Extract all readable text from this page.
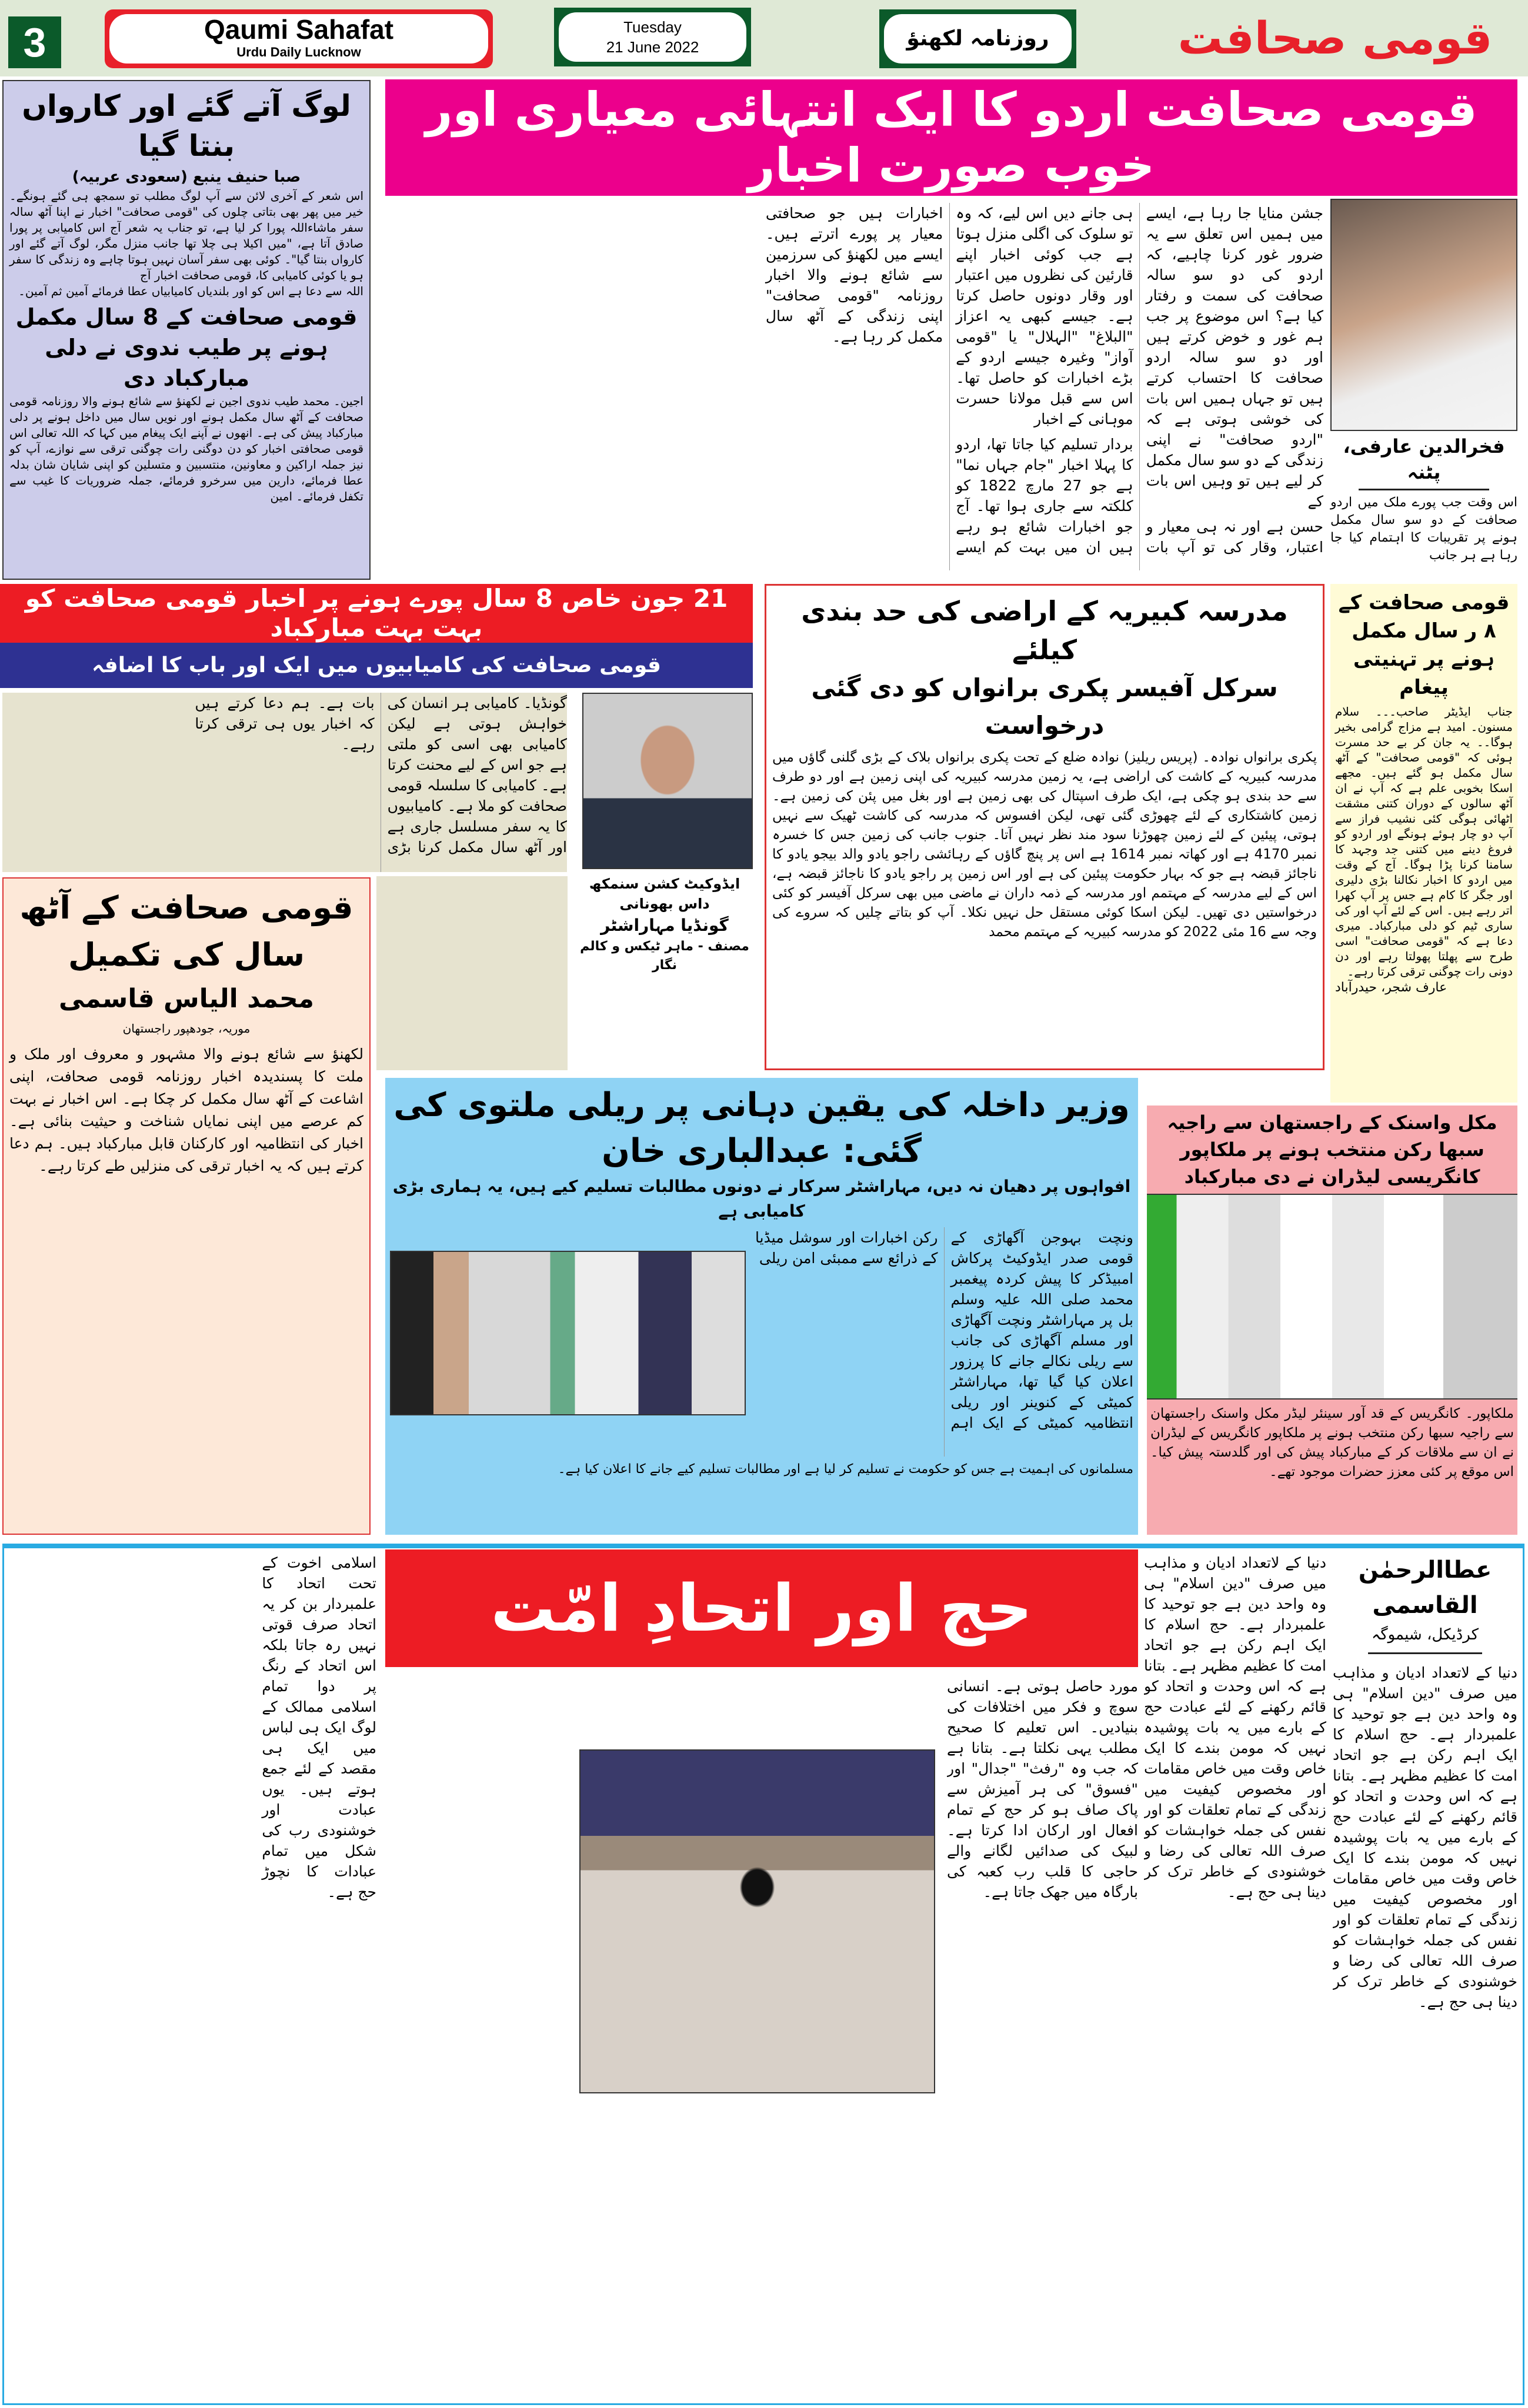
3	Qaumi Sahafat
Urdu Daily Lucknow
Tuesday
21 June 2022	روزنامہ لکھنؤ	قومی صحافت
لوگ آتے گئے اور کارواں بنتا گیا
صبا حنیف ینبع (سعودی عربیہ)

اس شعر کے آخری لائن سے آپ لوگ مطلب تو سمجھ ہی گئے ہونگے۔ خیر میں پھر بھی بتاتی چلوں کی "قومی صحافت" اخبار نے اپنا آٹھ سالہ سفر ماشاءاللہ پورا کر لیا ہے، تو جناب یہ شعر آج اس کامیابی پر پورا صادق آتا ہے، "میں اکیلا ہی چلا تھا جانب منزل مگر، لوگ آتے گئے اور کارواں بنتا گیا"۔ کوئی بھی سفر آسان نہیں ہوتا چاہے وہ زندگی کا سفر ہو یا کوئی کامیابی کا، قومی صحافت اخبار آج

اللہ سے دعا ہے اس کو اور بلندیاں کامیابیاں عطا فرمائے آمین ثم آمین۔

قومی صحافت کے 8 سال مکمل ہونے پر طیب ندوی نے دلی مبارکباد دی

اجین۔ محمد طیب ندوی اجین نے لکھنؤ سے شائع ہونے والا روزنامہ قومی صحافت کے آٹھ سال مکمل ہونے اور نویں سال میں داخل ہونے پر دلی مبارکباد پیش کی ہے۔ انھوں نے آپنے ایک پیغام میں کہا کہ اللہ تعالی اس قومی صحافتی اخبار کو دن دوگنی رات چوگنی ترقی سے نوازے، آپ کو نیز جملہ اراکین و معاونین، منتسبین و متسلین کو اپنی شایان شان بدلہ عطا فرمائے، دارین میں سرخرو فرمائے، جملہ ضروریات کا غیب سے تکفل فرمائے۔ امین

قومی صحافت اردو کا ایک انتہائی معیاری اور خوب صورت اخبار

جشن منایا جا رہا ہے، ایسے میں ہمیں اس تعلق سے یہ ضرور غور کرنا چاہیے، کہ اردو کی دو سو سالہ صحافت کی سمت و رفتار کیا ہے؟ اس موضوع پر جب ہم غور و خوض کرتے ہیں اور دو سو سالہ اردو صحافت کا احتساب کرتے ہیں تو جہاں ہمیں اس بات کی خوشی ہوتی ہے کہ "اردو صحافت" نے اپنی زندگی کے دو سو سال مکمل کر لیے ہیں تو وہیں اس بات کے

حسن ہے اور نہ ہی معیار و اعتبار، وقار کی تو آپ بات ہی جانے دیں اس لیے، کہ وہ تو سلوک کی اگلی منزل ہوتا ہے جب کوئی اخبار اپنے قارئین کی نظروں میں اعتبار اور وقار دونوں حاصل کرتا ہے۔ جیسے کبھی یہ اعزاز "البلاغ" "الہلال" یا "قومی آواز" وغیرہ جیسے اردو کے بڑے اخبارات کو حاصل تھا۔ اس سے قبل مولانا حسرت موہانی کے اخبار

بردار تسلیم کیا جاتا تھا، اردو کا پہلا اخبار "جام جہاں نما" ہے جو 27 مارچ 1822 کو کلکتہ سے جاری ہوا تھا۔ آج جو اخبارات شائع ہو رہے ہیں ان میں بہت کم ایسے اخبارات ہیں جو صحافتی معیار پر پورے اترتے ہیں۔ ایسے میں لکھنؤ کی سرزمین سے شائع ہونے والا اخبار روزنامہ "قومی صحافت" اپنی زندگی کے آٹھ سال مکمل کر رہا ہے۔

فخرالدین عارفی، پٹنہ
اس وقت جب پورے ملک میں اردو صحافت کے دو سو سال مکمل ہونے پر تقریبات کا اہتمام کیا جا رہا ہے ہر جانب
21 جون خاص 8 سال پورے ہونے پر اخبار قومی صحافت کو بہت بہت مبارکباد
قومی صحافت کی کامیابیوں میں ایک اور باب کا اضافہ

گونڈیا۔ کامیابی ہر انسان کی خواہش ہوتی ہے لیکن کامیابی بھی اسی کو ملتی ہے جو اس کے لیے محنت کرتا ہے۔ کامیابی کا سلسلہ قومی صحافت کو ملا ہے۔ کامیابیوں کا یہ سفر مسلسل جاری ہے اور آٹھ سال مکمل کرنا بڑی بات ہے۔ ہم دعا کرتے ہیں کہ اخبار یوں ہی ترقی کرتا رہے۔

ایڈوکیٹ کشن سنمکھ داس بھونانی
گونڈیا مہاراشٹر
مصنف - ماہر ٹیکس و کالم نگار
قومی صحافت کے آٹھ سال کی تکمیل
محمد الیاس قاسمی
موریہ، جودھپور راجستھان

لکھنؤ سے شائع ہونے والا مشہور و معروف اور ملک و ملت کا پسندیدہ اخبار روزنامہ قومی صحافت، اپنی اشاعت کے آٹھ سال مکمل کر چکا ہے۔ اس اخبار نے بہت کم عرصے میں اپنی نمایاں شناخت و حیثیت بنائی ہے۔ اخبار کی انتظامیہ اور کارکنان قابل مبارکباد ہیں۔ ہم دعا کرتے ہیں کہ یہ اخبار ترقی کی منزلیں طے کرتا رہے۔

مدرسہ کبیریہ کے اراضی کی حد بندی کیلئے
سرکل آفیسر پکری برانواں کو دی گئی درخواست

پکری برانواں نوادہ۔ (پریس ریلیز) نوادہ ضلع کے تحت پکری برانواں بلاک کے بڑی گلنی گاؤں میں مدرسہ کبیریہ کے کاشت کی اراضی ہے، یہ زمین مدرسہ کبیریہ کی اپنی زمین ہے اور دو طرف سے حد بندی ہو چکی ہے، ایک طرف اسپتال کی بھی زمین ہے اور بغل میں پئن کی زمین ہے۔ زمین کاشتکاری کے لئے چھوڑی گئی تھی، لیکن افسوس کہ مدرسہ کی کاشت ٹھیک سے نہیں ہوتی، پیئین کے لئے زمین چھوڑنا سود مند نظر نہیں آتا۔ جنوب جانب کی زمین جس کا خسرہ نمبر 4170 ہے اور کھاتہ نمبر 1614 ہے اس پر پنچ گاؤں کے رہائشی راجو یادو والد بیجو یادو کا ناجائز قبضہ ہے جو کہ بہار حکومت پیئین کی ہے اور اس زمین پر راجو یادو کا ناجائز قبضہ ہے، اس کے لیے مدرسہ کے مہتمم اور مدرسہ کے ذمہ داران نے ماضی میں بھی سرکل آفیسر کو کئی درخواستیں دی تھیں۔ لیکن اسکا کوئی مستقل حل نہیں نکلا۔ آپ کو بتاتے چلیں کہ سروے کی وجہ سے 16 مئی 2022 کو مدرسہ کبیریہ کے مہتمم محمد

قومی صحافت کے ۸ ر سال مکمل ہونے پر تہنیتی پیغام

جناب ایڈیٹر صاحب۔۔۔ سلام مسنون۔ امید ہے مزاج گرامی بخیر ہوگا۔۔ یہ جان کر بے حد مسرت ہوئی کہ "قومی صحافت" کے آٹھ سال مکمل ہو گئے ہیں۔ مجھے اسکا بخوبی علم ہے کہ آپ نے ان آٹھ سالوں کے دوران کتنی مشقت اٹھائی ہوگی کئی نشیب فراز سے آپ دو چار ہوئے ہونگے اور اردو کو فروغ دینے میں کتنی جد وجہد کا سامنا کرنا پڑا ہوگا۔ آج کے وقت میں اردو کا اخبار نکالنا بڑی دلیری اور جگر کا کام ہے جس پر آپ کھرا اتر رہے ہیں۔ اس کے لئے آپ اور کی ساری ٹیم کو دلی مبارکباد۔ میری دعا ہے کہ "قومی صحافت" اسی طرح سے پھلتا پھولتا رہے اور دن دونی رات چوگنی ترقی کرتا رہے۔

عارف شجر، حیدرآباد

وزیر داخلہ کی یقین دہانی پر ریلی ملتوی کی گئی: عبدالباری خان
افواہوں پر دھیان نہ دیں، مہاراشٹر سرکار نے دونوں مطالبات تسلیم کیے ہیں، یہ ہماری بڑی کامیابی ہے

ونچت بہوجن آگھاڑی کے قومی صدر ایڈوکیٹ پرکاش امبیڈکر کا پیش کردہ پیغمبر محمد صلی اللہ علیہ وسلم بل پر مہاراشٹر ونچت آگھاڑی اور مسلم آگھاڑی کی جانب سے ریلی نکالے جانے کا پرزور اعلان کیا گیا تھا، مہاراشٹر کمیٹی کے کنوینر اور ریلی انتظامیہ کمیٹی کے ایک اہم رکن اخبارات اور سوشل میڈیا کے ذرائع سے ممبئی امن ریلی

مسلمانوں کی اہمیت ہے جس کو حکومت نے تسلیم کر لیا ہے اور مطالبات تسلیم کیے جانے کا اعلان کیا ہے۔

مکل واسنک کے راجستھان سے راجیہ سبھا رکن منتخب ہونے پر ملکاپور کانگریسی لیڈران نے دی مبارکباد

ملکاپور۔ کانگریس کے قد آور سینئر لیڈر مکل واسنک راجستھان سے راجیہ سبھا رکن منتخب ہونے پر ملکاپور کانگریس کے لیڈران نے ان سے ملاقات کر کے مبارکباد پیش کی اور گلدستہ پیش کیا۔ اس موقع پر کئی معزز حضرات موجود تھے۔

حج اور اتحادِ امّت

اسلامی اخوت کے تحت اتحاد کا علمبردار بن کر یہ اتحاد صرف قوتی نہیں رہ جاتا بلکہ اس اتحاد کے رنگ پر دوا تمام اسلامی ممالک کے لوگ ایک ہی لباس میں ایک ہی مقصد کے لئے جمع ہوتے ہیں۔ یوں عبادت اور خوشنودی رب کی شکل میں تمام عبادات کا نچوڑ حج ہے۔

مورد حاصل ہوتی ہے۔ انسانی سوچ و فکر میں اختلافات کی بنیادیں۔ اس تعلیم کا صحیح مطلب یہی نکلتا ہے۔ بتانا ہے کہ جب وہ "رفث" "جدال" اور "فسوق" کی ہر آمیزش سے پاک صاف ہو کر حج کے تمام افعال اور ارکان ادا کرتا ہے۔ لبیک کی صدائیں لگانے والے حاجی کا قلب رب کعبہ کی بارگاہ میں جھک جاتا ہے۔

دنیا کے لاتعداد ادیان و مذاہب میں صرف "دین اسلام" ہی وہ واحد دین ہے جو توحید کا علمبردار ہے۔ حج اسلام کا ایک اہم رکن ہے جو اتحاد امت کا عظیم مظہر ہے۔ بتانا ہے کہ اس وحدت و اتحاد کو قائم رکھنے کے لئے عبادت حج کے بارے میں یہ بات پوشیدہ نہیں کہ مومن بندے کا ایک خاص وقت میں خاص مقامات اور مخصوص کیفیت میں زندگی کے تمام تعلقات کو اور نفس کی جملہ خواہشات کو صرف اللہ تعالی کی رضا و خوشنودی کے خاطر ترک کر دینا ہی حج ہے۔

عطاالرحمٰن القاسمی
کرڈیکل، شیموگہ

دنیا کے لاتعداد ادیان و مذاہب میں صرف "دین اسلام" ہی وہ واحد دین ہے جو توحید کا علمبردار ہے۔ حج اسلام کا ایک اہم رکن ہے جو اتحاد امت کا عظیم مظہر ہے۔ بتانا ہے کہ اس وحدت و اتحاد کو قائم رکھنے کے لئے عبادت حج کے بارے میں یہ بات پوشیدہ نہیں کہ مومن بندے کا ایک خاص وقت میں خاص مقامات اور مخصوص کیفیت میں زندگی کے تمام تعلقات کو اور نفس کی جملہ خواہشات کو صرف اللہ تعالی کی رضا و خوشنودی کے خاطر ترک کر دینا ہی حج ہے۔
